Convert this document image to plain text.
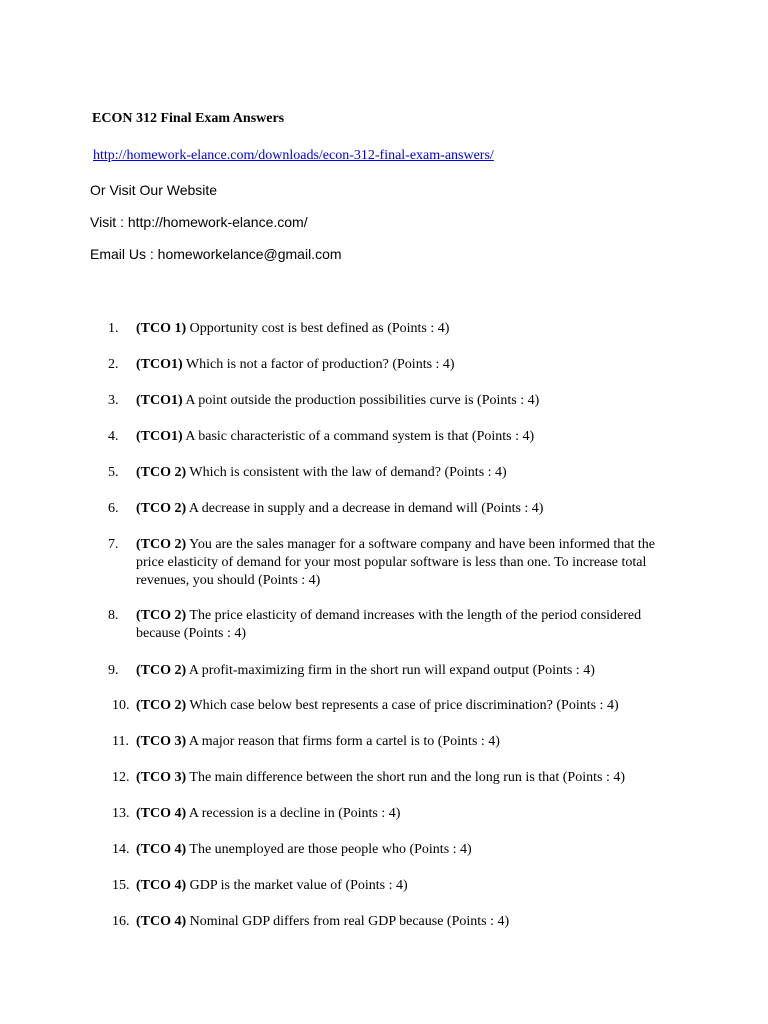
ECON 312 Final Exam Answers
http://homework-elance.com/downloads/econ-312-final-exam-answers/
Or Visit Our Website
Visit : http://homework-elance.com/
Email Us : homeworkelance@gmail.com
1.	(TCO 1) Opportunity cost is best defined as (Points : 4)
2.	(TCO1) Which is not a factor of production? (Points : 4)
3.	(TCO1) A point outside the production possibilities curve is (Points : 4)
4.	(TCO1) A basic characteristic of a command system is that (Points : 4)
5.	(TCO 2) Which is consistent with the law of demand? (Points : 4)
6.	(TCO 2) A decrease in supply and a decrease in demand will (Points : 4)
7.	(TCO 2) You are the sales manager for a software company and have been informed that the price elasticity of demand for your most popular software is less than one. To increase total revenues, you should (Points : 4)
8.	(TCO 2) The price elasticity of demand increases with the length of the period considered because (Points : 4)
9.	(TCO 2) A profit-maximizing firm in the short run will expand output (Points : 4)
10. (TCO 2) Which case below best represents a case of price discrimination? (Points : 4)
11. (TCO 3) A major reason that firms form a cartel is to (Points : 4)
12. (TCO 3) The main difference between the short run and the long run is that (Points : 4)
13. (TCO 4) A recession is a decline in (Points : 4)
14. (TCO 4) The unemployed are those people who (Points : 4)
15. (TCO 4) GDP is the market value of (Points : 4)
16. (TCO 4) Nominal GDP differs from real GDP because (Points : 4)
